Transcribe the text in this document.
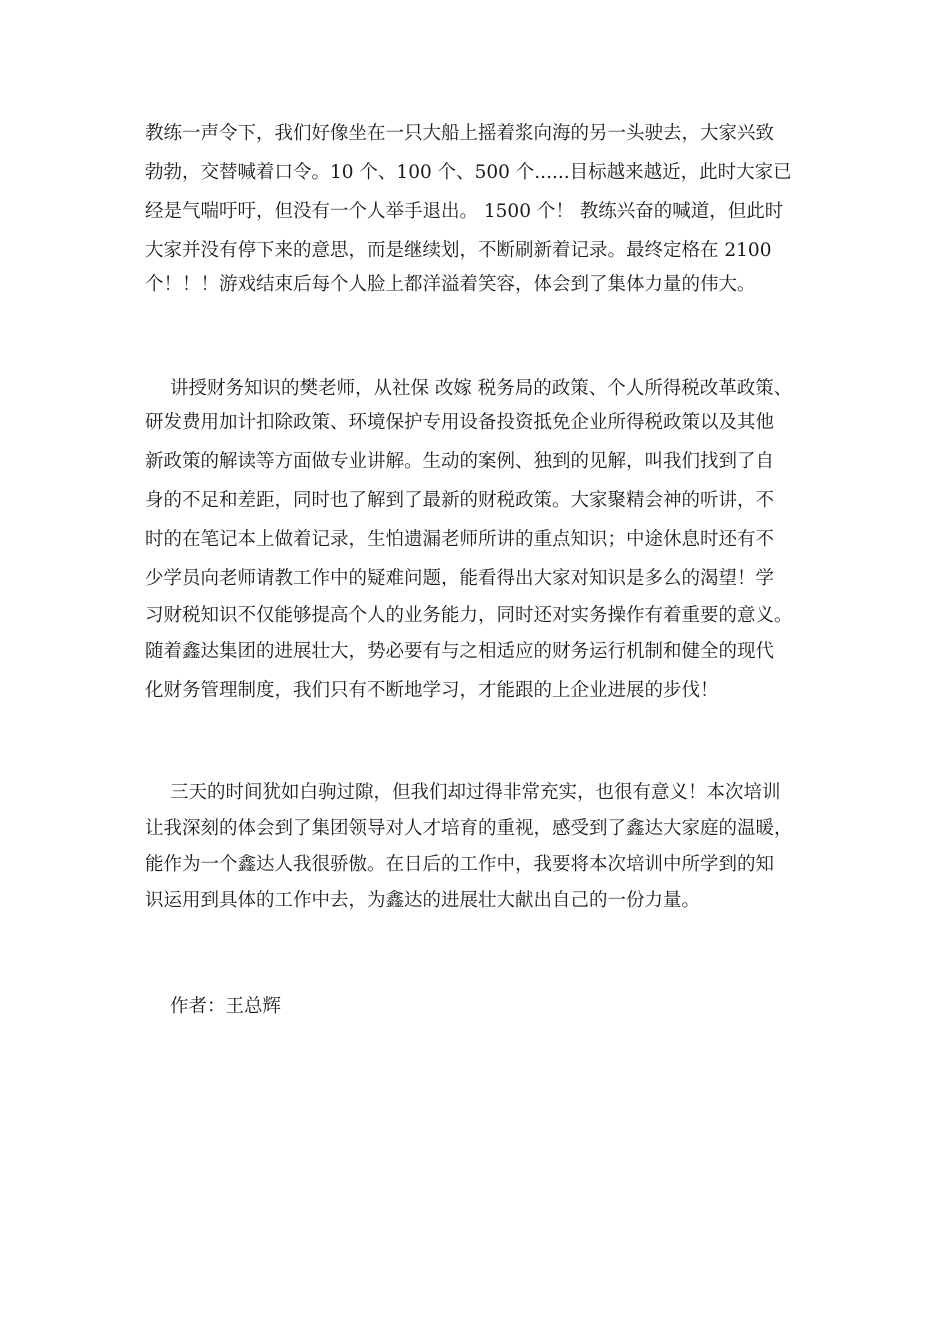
教练一声令下，我们好像坐在一只大船上摇着浆向海的另一头驶去，大家兴致
勃勃，交替喊着口令。10 个、100 个、500 个......目标越来越近，此时大家已
经是气喘吁吁，但没有一个人举手退出。 1500 个！ 教练兴奋的喊道，但此时
大家并没有停下来的意思，而是继续划，不断刷新着记录。最终定格在 2100
个！！！游戏结束后每个人脸上都洋溢着笑容，体会到了集体力量的伟大。
讲授财务知识的樊老师，从社保 改嫁 税务局的政策、个人所得税改革政策、
研发费用加计扣除政策、环境保护专用设备投资抵免企业所得税政策以及其他
新政策的解读等方面做专业讲解。生动的案例、独到的见解，叫我们找到了自
身的不足和差距，同时也了解到了最新的财税政策。大家聚精会神的听讲，不
时的在笔记本上做着记录，生怕遗漏老师所讲的重点知识；中途休息时还有不
少学员向老师请教工作中的疑难问题，能看得出大家对知识是多么的渴望！学
习财税知识不仅能够提高个人的业务能力，同时还对实务操作有着重要的意义。
随着鑫达集团的进展壮大，势必要有与之相适应的财务运行机制和健全的现代
化财务管理制度，我们只有不断地学习，才能跟的上企业进展的步伐！
三天的时间犹如白驹过隙，但我们却过得非常充实，也很有意义！本次培训
让我深刻的体会到了集团领导对人才培育的重视，感受到了鑫达大家庭的温暖，
能作为一个鑫达人我很骄傲。在日后的工作中，我要将本次培训中所学到的知
识运用到具体的工作中去，为鑫达的进展壮大献出自己的一份力量。
作者：王总辉
